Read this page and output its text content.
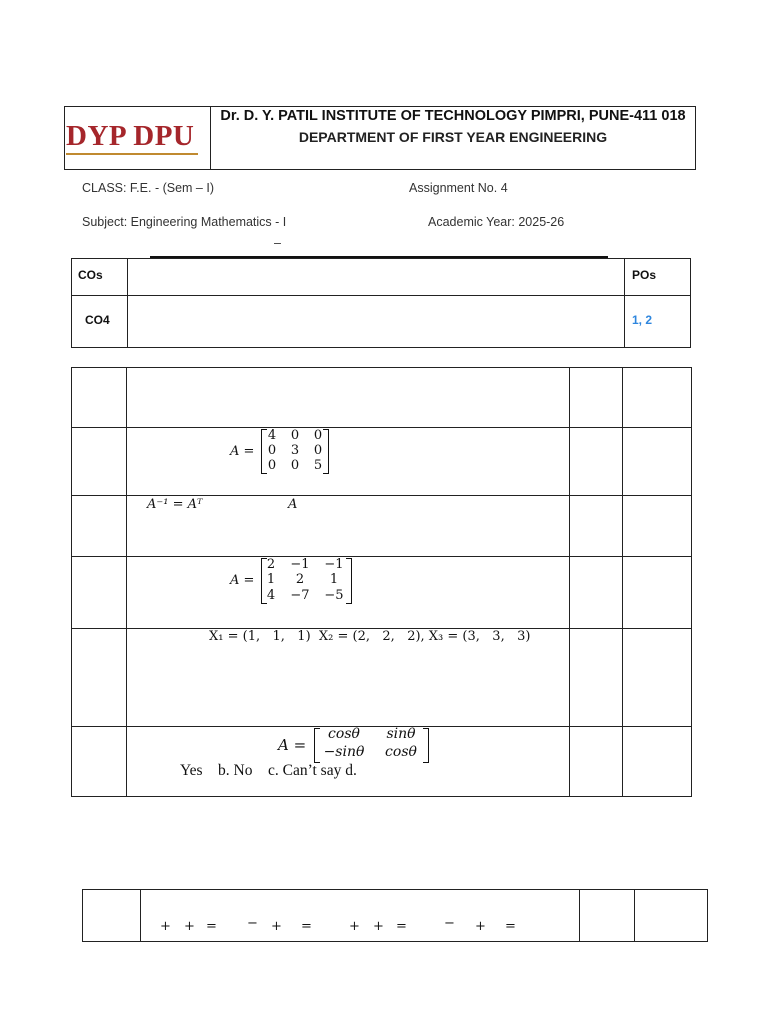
DYP DPU
Dr. D. Y. PATIL INSTITUTE OF TECHNOLOGY PIMPRI, PUNE-411 018
DEPARTMENT OF FIRST YEAR ENGINEERING
CLASS: F.E. - (Sem – I)	Assignment No. 4
Subject: Engineering Mathematics - I	Academic Year: 2025-26
–
COs	POs
CO4	1, 2
A =
4 0 0
0 3 0
0 0 5
A⁻¹ = Aᵀ	A
A =
2 −1 −1
1	2	1
4 −7 −5
X₁ = (1,   1,   1)  X₂ = (2,   2,   2), X₃ = (3,   3,   3)
A =
cosθ	sinθ
−sinθ	cosθ
Yes    b. No    c. Can’t say d.
+ + = − + =	+ + =	− + =
